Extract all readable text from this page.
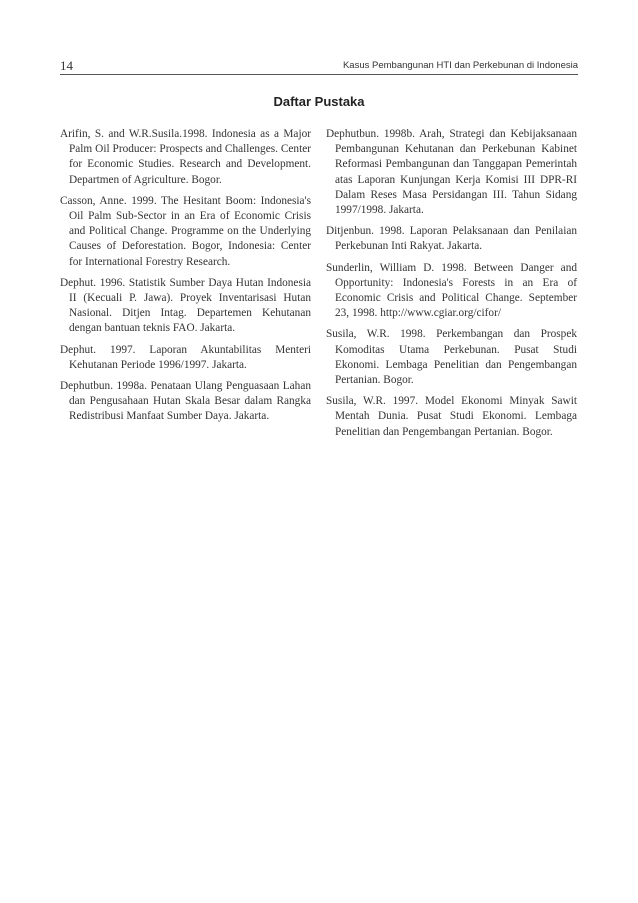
14	Kasus Pembangunan HTI dan Perkebunan di Indonesia
Daftar Pustaka

Arifin, S. and W.R.Susila.1998. Indonesia as a Major Palm Oil Producer: Prospects and Challenges. Center for Economic Studies. Research and Development. Departmen of Agriculture. Bogor.

Casson, Anne. 1999. The Hesitant Boom: Indonesia's Oil Palm Sub-Sector in an Era of Economic Crisis and Political Change. Programme on the Underlying Causes of Deforestation. Bogor, Indonesia: Center for International Forestry Research.

Dephut. 1996. Statistik Sumber Daya Hutan Indonesia II (Kecuali P. Jawa). Proyek Inventarisasi Hutan Nasional. Ditjen Intag. Departemen Kehutanan dengan bantuan teknis FAO. Jakarta.

Dephut. 1997. Laporan Akuntabilitas Menteri Kehutanan Periode 1996/1997. Jakarta.

Dephutbun. 1998a. Penataan Ulang Penguasaan Lahan dan Pengusahaan Hutan Skala Besar dalam Rangka Redistribusi Manfaat Sumber Daya. Jakarta.

Dephutbun. 1998b. Arah, Strategi dan Kebijaksanaan Pembangunan Kehutanan dan Perkebunan Kabinet Reformasi Pembangunan dan Tanggapan Pemerintah atas Laporan Kunjungan Kerja Komisi III DPR-RI Dalam Reses Masa Persidangan III. Tahun Sidang 1997/1998. Jakarta.

Ditjenbun. 1998. Laporan Pelaksanaan dan Penilaian Perkebunan Inti Rakyat. Jakarta.

Sunderlin, William D. 1998. Between Danger and Opportunity: Indonesia's Forests in an Era of Economic Crisis and Political Change. September 23, 1998. http://www.cgiar.org/cifor/

Susila, W.R. 1998. Perkembangan dan Prospek Komoditas Utama Perkebunan. Pusat Studi Ekonomi. Lembaga Penelitian dan Pengembangan Pertanian. Bogor.

Susila, W.R. 1997. Model Ekonomi Minyak Sawit Mentah Dunia. Pusat Studi Ekonomi. Lembaga Penelitian dan Pengembangan Pertanian. Bogor.
